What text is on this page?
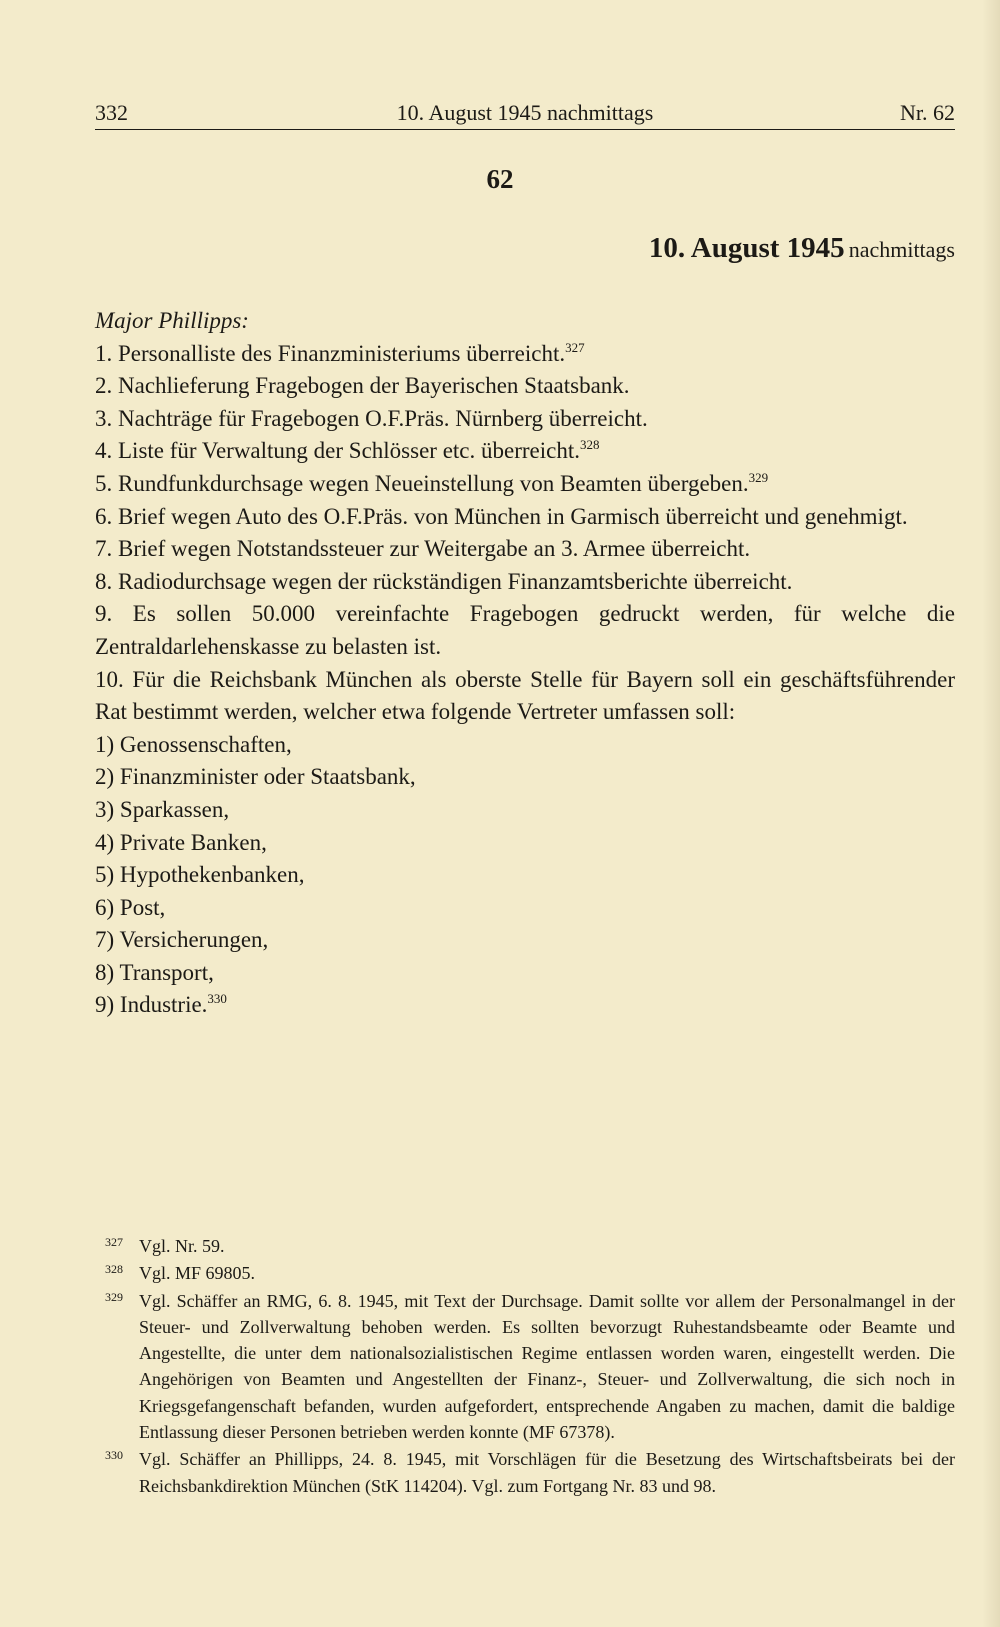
332	10. August 1945 nachmittags	Nr. 62
62
10. August 1945 nachmittags

Major Phillipps:

1. Personalliste des Finanzministeriums überreicht.$^{327}$
2. Nachlieferung Fragebogen der Bayerischen Staatsbank.
3. Nachträge für Fragebogen O.F.Präs. Nürnberg überreicht.
4. Liste für Verwaltung der Schlösser etc. überreicht.$^{328}$
5. Rundfunkdurchsage wegen Neueinstellung von Beamten übergeben.$^{329}$
6. Brief wegen Auto des O.F.Präs. von München in Garmisch überreicht und genehmigt.
7. Brief wegen Notstandssteuer zur Weitergabe an 3. Armee überreicht.
8. Radiodurchsage wegen der rückständigen Finanzamtsberichte überreicht.
9. Es sollen 50.000 vereinfachte Fragebogen gedruckt werden, für welche die Zentraldarlehenskasse zu belasten ist.
10. Für die Reichsbank München als oberste Stelle für Bayern soll ein geschäftsführender Rat bestimmt werden, welcher etwa folgende Vertreter umfassen soll:
1) Genossenschaften,
2) Finanzminister oder Staatsbank,
3) Sparkassen,
4) Private Banken,
5) Hypothekenbanken,
6) Post,
7) Versicherungen,
8) Transport,
9) Industrie.$^{330}$

327 Vgl. Nr. 59.

328 Vgl. MF 69805.

329 Vgl. Schäffer an RMG, 6. 8. 1945, mit Text der Durchsage. Damit sollte vor allem der Personalmangel in der Steuer- und Zollverwaltung behoben werden. Es sollten bevorzugt Ruhestandsbeamte oder Beamte und Angestellte, die unter dem nationalsozialistischen Regime entlassen worden waren, eingestellt werden. Die Angehörigen von Beamten und Angestellten der Finanz-, Steuer- und Zollverwaltung, die sich noch in Kriegsgefangenschaft befanden, wurden aufgefordert, entsprechende Angaben zu machen, damit die baldige Entlassung dieser Personen betrieben werden konnte (MF 67378).

330 Vgl. Schäffer an Phillipps, 24. 8. 1945, mit Vorschlägen für die Besetzung des Wirtschaftsbeirats bei der Reichsbankdirektion München (StK 114204). Vgl. zum Fortgang Nr. 83 und 98.
